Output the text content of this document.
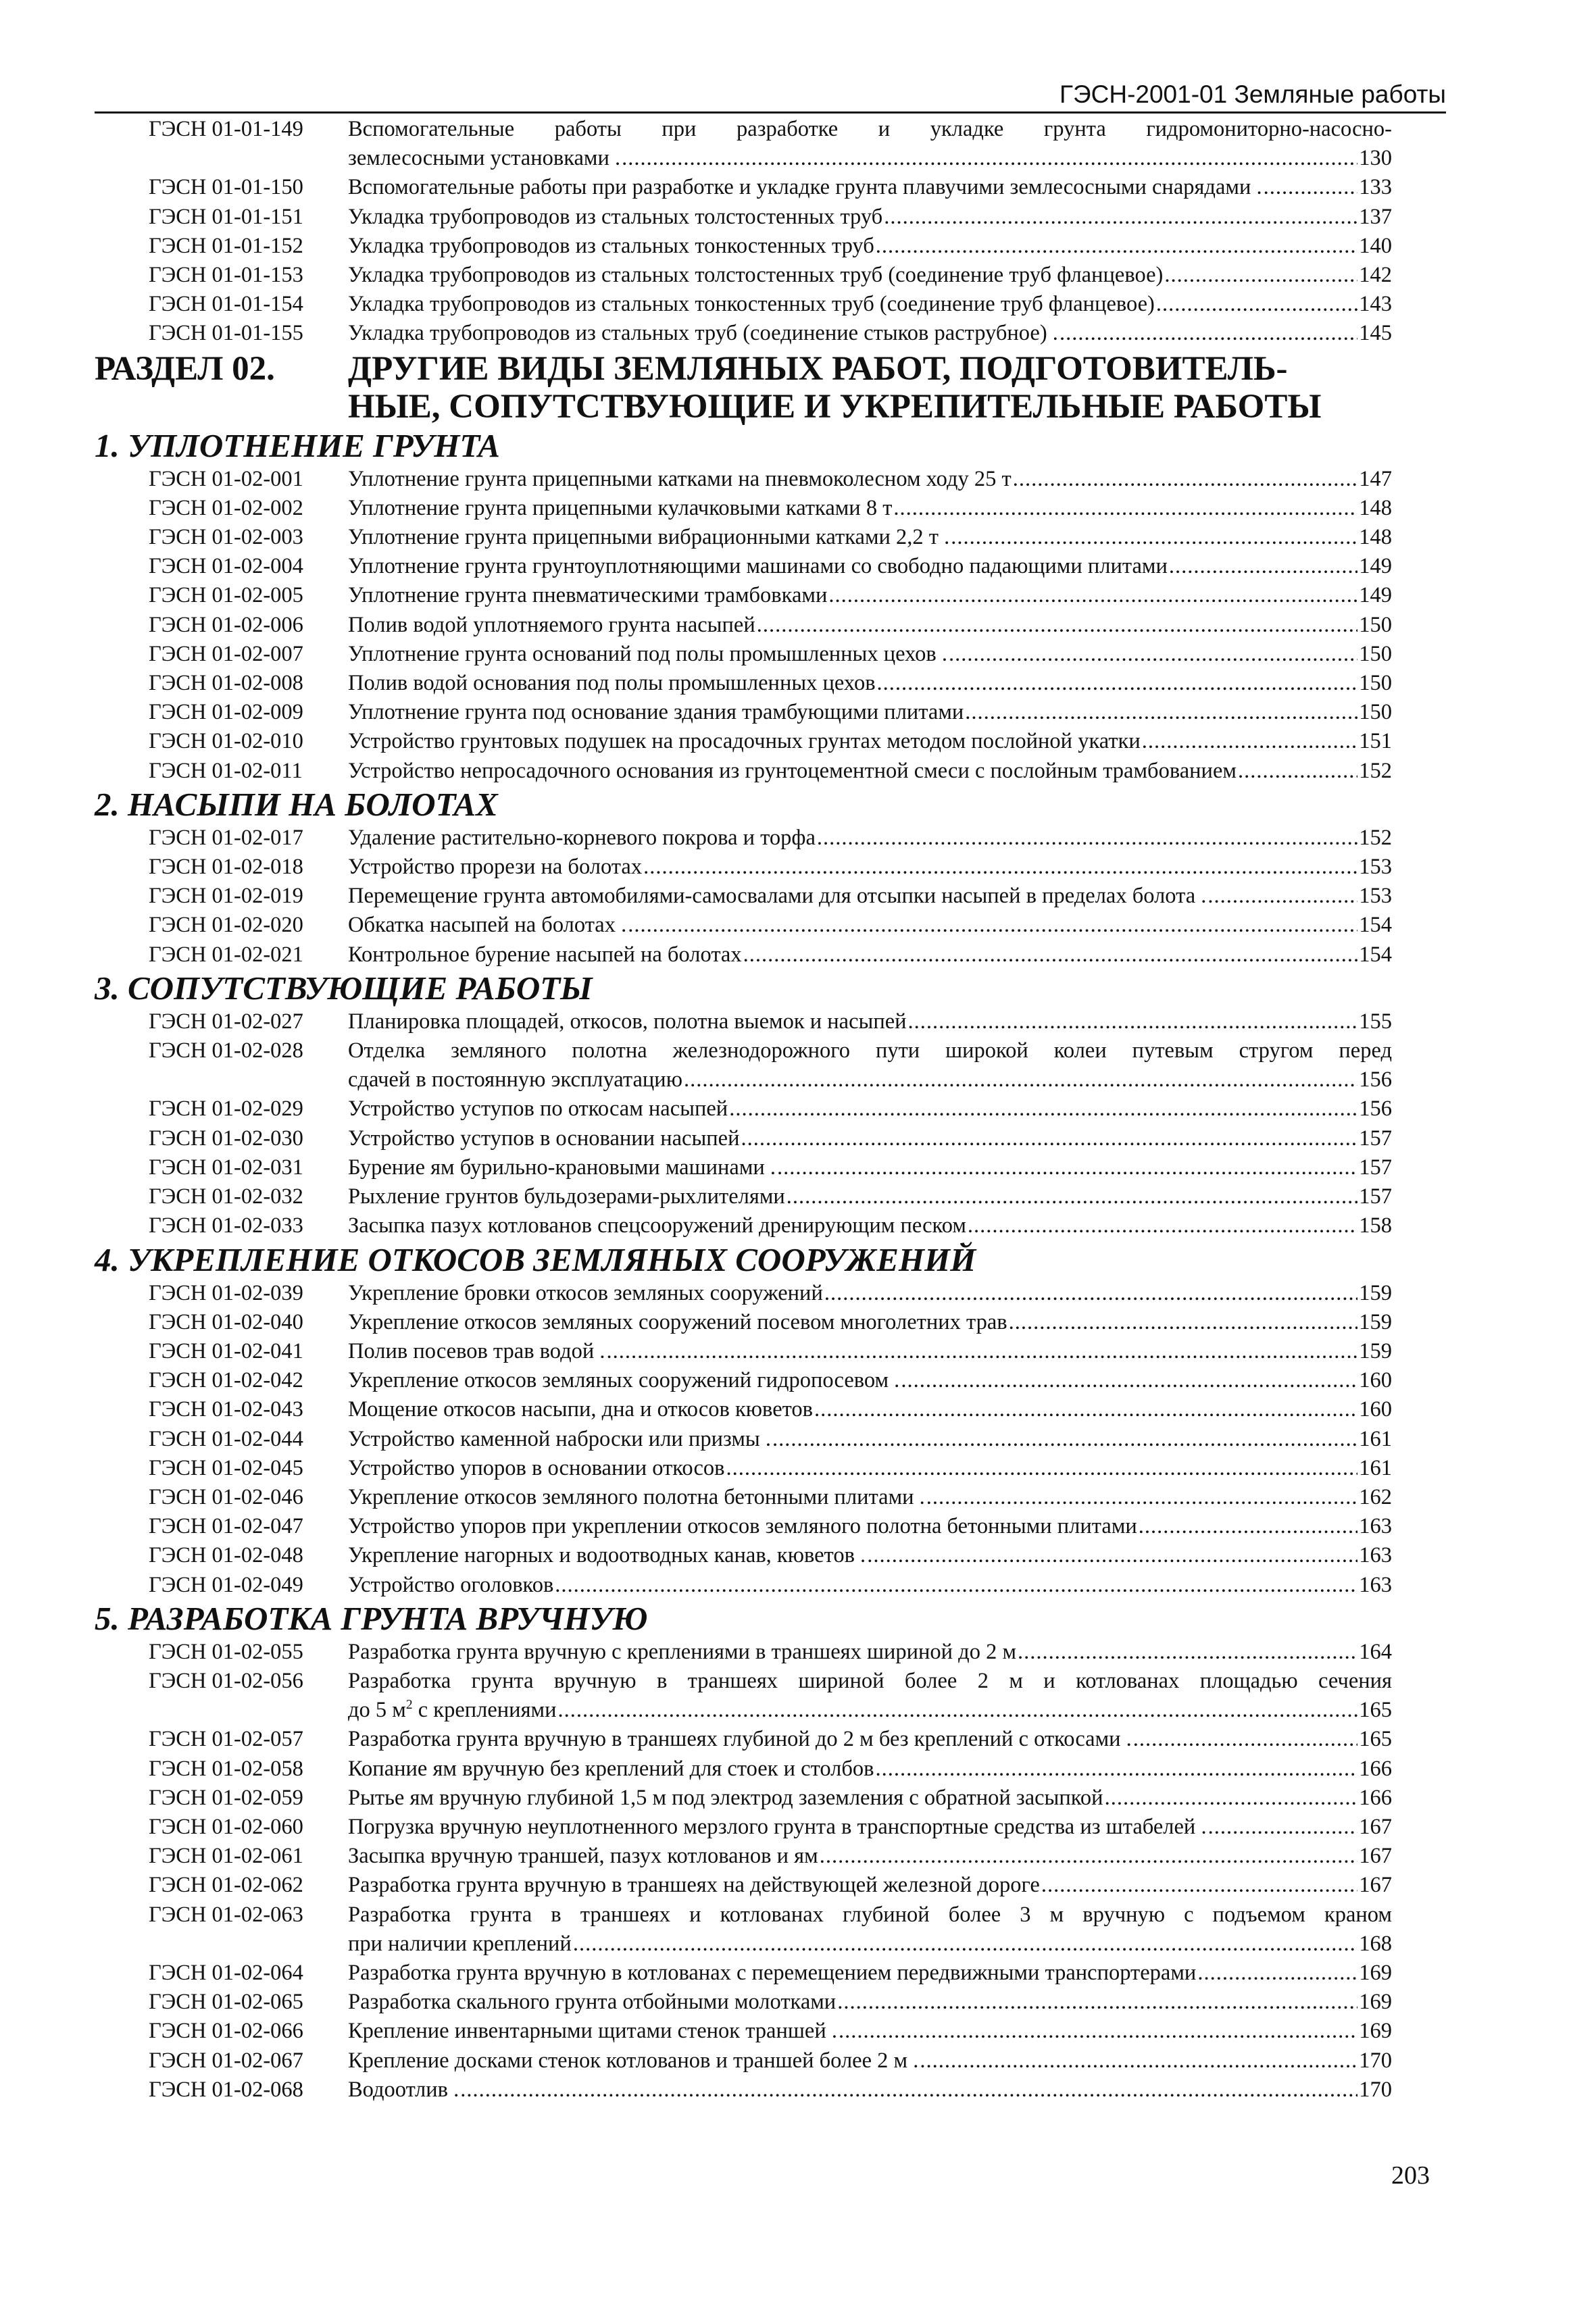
ГЭСН-2001-01 Земляные работы
ГЭСН 01-01-149	Вспомогательные работы при разработке и укладке грунта гидромониторно-насосно-
землесосными установками . .....	130
ГЭСН 01-01-150	Вспомогательные работы при разработке и укладке грунта плавучими землесосными снарядами . .....	133
ГЭСН 01-01-151	Укладка трубопроводов из стальных толстостенных труб .....	137
ГЭСН 01-01-152	Укладка трубопроводов из стальных тонкостенных труб .....	140
ГЭСН 01-01-153	Укладка трубопроводов из стальных толстостенных труб (соединение труб фланцевое) .....	142
ГЭСН 01-01-154	Укладка трубопроводов из стальных тонкостенных труб (соединение труб фланцевое) .....	143
ГЭСН 01-01-155	Укладка трубопроводов из стальных труб (соединение стыков раструбное) . .....	145
РАЗДЕЛ 02.	ДРУГИЕ ВИДЫ ЗЕМЛЯНЫХ РАБОТ, ПОДГОТОВИТЕЛЬ-
НЫЕ, СОПУТСТВУЮЩИЕ И УКРЕПИТЕЛЬНЫЕ РАБОТЫ
1. УПЛОТНЕНИЕ ГРУНТА
ГЭСН 01-02-001	Уплотнение грунта прицепными катками на пневмоколесном ходу 25 т .....	147
ГЭСН 01-02-002	Уплотнение грунта прицепными кулачковыми катками 8 т .....	148
ГЭСН 01-02-003	Уплотнение грунта прицепными вибрационными катками 2,2 т . .....	148
ГЭСН 01-02-004	Уплотнение грунта грунтоуплотняющими машинами со свободно падающими плитами .....	149
ГЭСН 01-02-005	Уплотнение грунта пневматическими трамбовками .....	149
ГЭСН 01-02-006	Полив водой уплотняемого грунта насыпей .....	150
ГЭСН 01-02-007	Уплотнение грунта оснований под полы промышленных цехов . .....	150
ГЭСН 01-02-008	Полив водой основания под полы промышленных цехов .....	150
ГЭСН 01-02-009	Уплотнение грунта под основание здания трамбующими плитами .....	150
ГЭСН 01-02-010	Устройство грунтовых подушек на просадочных грунтах методом послойной укатки .....	151
ГЭСН 01-02-011	Устройство непросадочного основания из грунтоцементной смеси с послойным трамбованием .....	152
2. НАСЫПИ НА БОЛОТАХ
ГЭСН 01-02-017	Удаление растительно-корневого покрова и торфа .....	152
ГЭСН 01-02-018	Устройство прорези на болотах .....	153
ГЭСН 01-02-019	Перемещение грунта автомобилями-самосвалами для отсыпки насыпей в пределах болота . .....	153
ГЭСН 01-02-020	Обкатка насыпей на болотах . .....	154
ГЭСН 01-02-021	Контрольное бурение насыпей на болотах .....	154
3. СОПУТСТВУЮЩИЕ РАБОТЫ
ГЭСН 01-02-027	Планировка площадей, откосов, полотна выемок и насыпей .....	155
ГЭСН 01-02-028	Отделка земляного полотна железнодорожного пути широкой колеи путевым стругом перед
сдачей в постоянную эксплуатацию .....	156
ГЭСН 01-02-029	Устройство уступов по откосам насыпей .....	156
ГЭСН 01-02-030	Устройство уступов в основании насыпей .....	157
ГЭСН 01-02-031	Бурение ям бурильно-крановыми машинами . .....	157
ГЭСН 01-02-032	Рыхление грунтов бульдозерами-рыхлителями .....	157
ГЭСН 01-02-033	Засыпка пазух котлованов спецсооружений дренирующим песком .....	158
4. УКРЕПЛЕНИЕ ОТКОСОВ ЗЕМЛЯНЫХ СООРУЖЕНИЙ
ГЭСН 01-02-039	Укрепление бровки откосов земляных сооружений .....	159
ГЭСН 01-02-040	Укрепление откосов земляных сооружений посевом многолетних трав .....	159
ГЭСН 01-02-041	Полив посевов трав водой . .....	159
ГЭСН 01-02-042	Укрепление откосов земляных сооружений гидропосевом . .....	160
ГЭСН 01-02-043	Мощение откосов насыпи, дна и откосов кюветов .....	160
ГЭСН 01-02-044	Устройство каменной наброски или призмы . .....	161
ГЭСН 01-02-045	Устройство упоров в основании откосов .....	161
ГЭСН 01-02-046	Укрепление откосов земляного полотна бетонными плитами . .....	162
ГЭСН 01-02-047	Устройство упоров при укреплении откосов земляного полотна бетонными плитами .....	163
ГЭСН 01-02-048	Укрепление нагорных и водоотводных канав, кюветов . .....	163
ГЭСН 01-02-049	Устройство оголовков .....	163
5. РАЗРАБОТКА ГРУНТА ВРУЧНУЮ
ГЭСН 01-02-055	Разработка грунта вручную с креплениями в траншеях шириной до 2 м .....	164
ГЭСН 01-02-056	Разработка грунта вручную в траншеях шириной более 2 м и котлованах площадью сечения
до 5 $м^2$ с креплениями .....	165
ГЭСН 01-02-057	Разработка грунта вручную в траншеях глубиной до 2 м без креплений с откосами . .....	165
ГЭСН 01-02-058	Копание ям вручную без креплений для стоек и столбов .....	166
ГЭСН 01-02-059	Рытье ям вручную глубиной 1,5 м под электрод заземления с обратной засыпкой .....	166
ГЭСН 01-02-060	Погрузка вручную неуплотненного мерзлого грунта в транспортные средства из штабелей . .....	167
ГЭСН 01-02-061	Засыпка вручную траншей, пазух котлованов и ям .....	167
ГЭСН 01-02-062	Разработка грунта вручную в траншеях на действующей железной дороге .....	167
ГЭСН 01-02-063	Разработка грунта в траншеях и котлованах глубиной более 3 м вручную с подъемом краном
при наличии креплений .....	168
ГЭСН 01-02-064	Разработка грунта вручную в котлованах с перемещением передвижными транспортерами .....	169
ГЭСН 01-02-065	Разработка скального грунта отбойными молотками .....	169
ГЭСН 01-02-066	Крепление инвентарными щитами стенок траншей . .....	169
ГЭСН 01-02-067	Крепление досками стенок котлованов и траншей более 2 м . .....	170
ГЭСН 01-02-068	Водоотлив . .....	170
203
